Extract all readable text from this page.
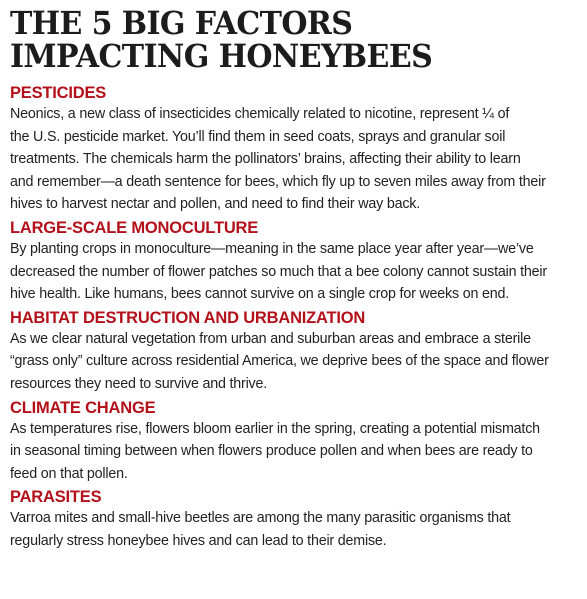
THE 5 BIG FACTORS
IMPACTING HONEYBEES
PESTICIDES

Neonics, a new class of insecticides chemically related to nicotine, represent ¼ of
the U.S. pesticide market. You’ll find them in seed coats, sprays and granular soil
treatments. The chemicals harm the pollinators’ brains, affecting their ability to learn
and remember—a death sentence for bees, which fly up to seven miles away from their
hives to harvest nectar and pollen, and need to find their way back.

LARGE-SCALE MONOCULTURE

By planting crops in monoculture—meaning in the same place year after year—we’ve
decreased the number of flower patches so much that a bee colony cannot sustain their
hive health. Like humans, bees cannot survive on a single crop for weeks on end.

HABITAT DESTRUCTION AND URBANIZATION

As we clear natural vegetation from urban and suburban areas and embrace a sterile
“grass only” culture across residential America, we deprive bees of the space and flower
resources they need to survive and thrive.

CLIMATE CHANGE

As temperatures rise, flowers bloom earlier in the spring, creating a potential mismatch
in seasonal timing between when flowers produce pollen and when bees are ready to
feed on that pollen.

PARASITES

Varroa mites and small-hive beetles are among the many parasitic organisms that
regularly stress honeybee hives and can lead to their demise.
